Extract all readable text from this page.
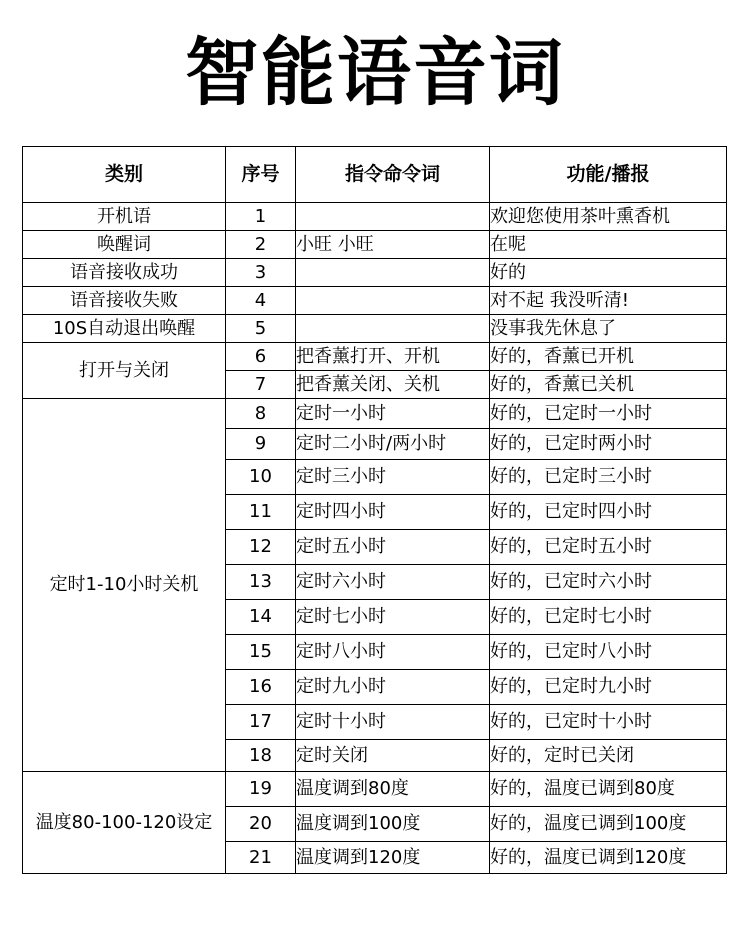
智能语音词
类别	序号	指令命令词	功能/播报
开机语	1		欢迎您使用茶叶熏香机
唤醒词	2	小旺 小旺	在呢
语音接收成功	3		好的
语音接收失败	4		对不起 我没听清!
10S自动退出唤醒	5		没事我先休息了
打开与关闭	6	把香薰打开、开机	好的，香薰已开机
	7	把香薰关闭、关机	好的，香薰已关机
定时1-10小时关机	8	定时一小时	好的，已定时一小时
	9	定时二小时/两小时	好的，已定时两小时
	10	定时三小时	好的，已定时三小时
	11	定时四小时	好的，已定时四小时
	12	定时五小时	好的，已定时五小时
	13	定时六小时	好的，已定时六小时
	14	定时七小时	好的，已定时七小时
	15	定时八小时	好的，已定时八小时
	16	定时九小时	好的，已定时九小时
	17	定时十小时	好的，已定时十小时
	18	定时关闭	好的，定时已关闭
温度80-100-120设定	19	温度调到80度	好的，温度已调到80度
	20	温度调到100度	好的，温度已调到100度
	21	温度调到120度	好的，温度已调到120度
